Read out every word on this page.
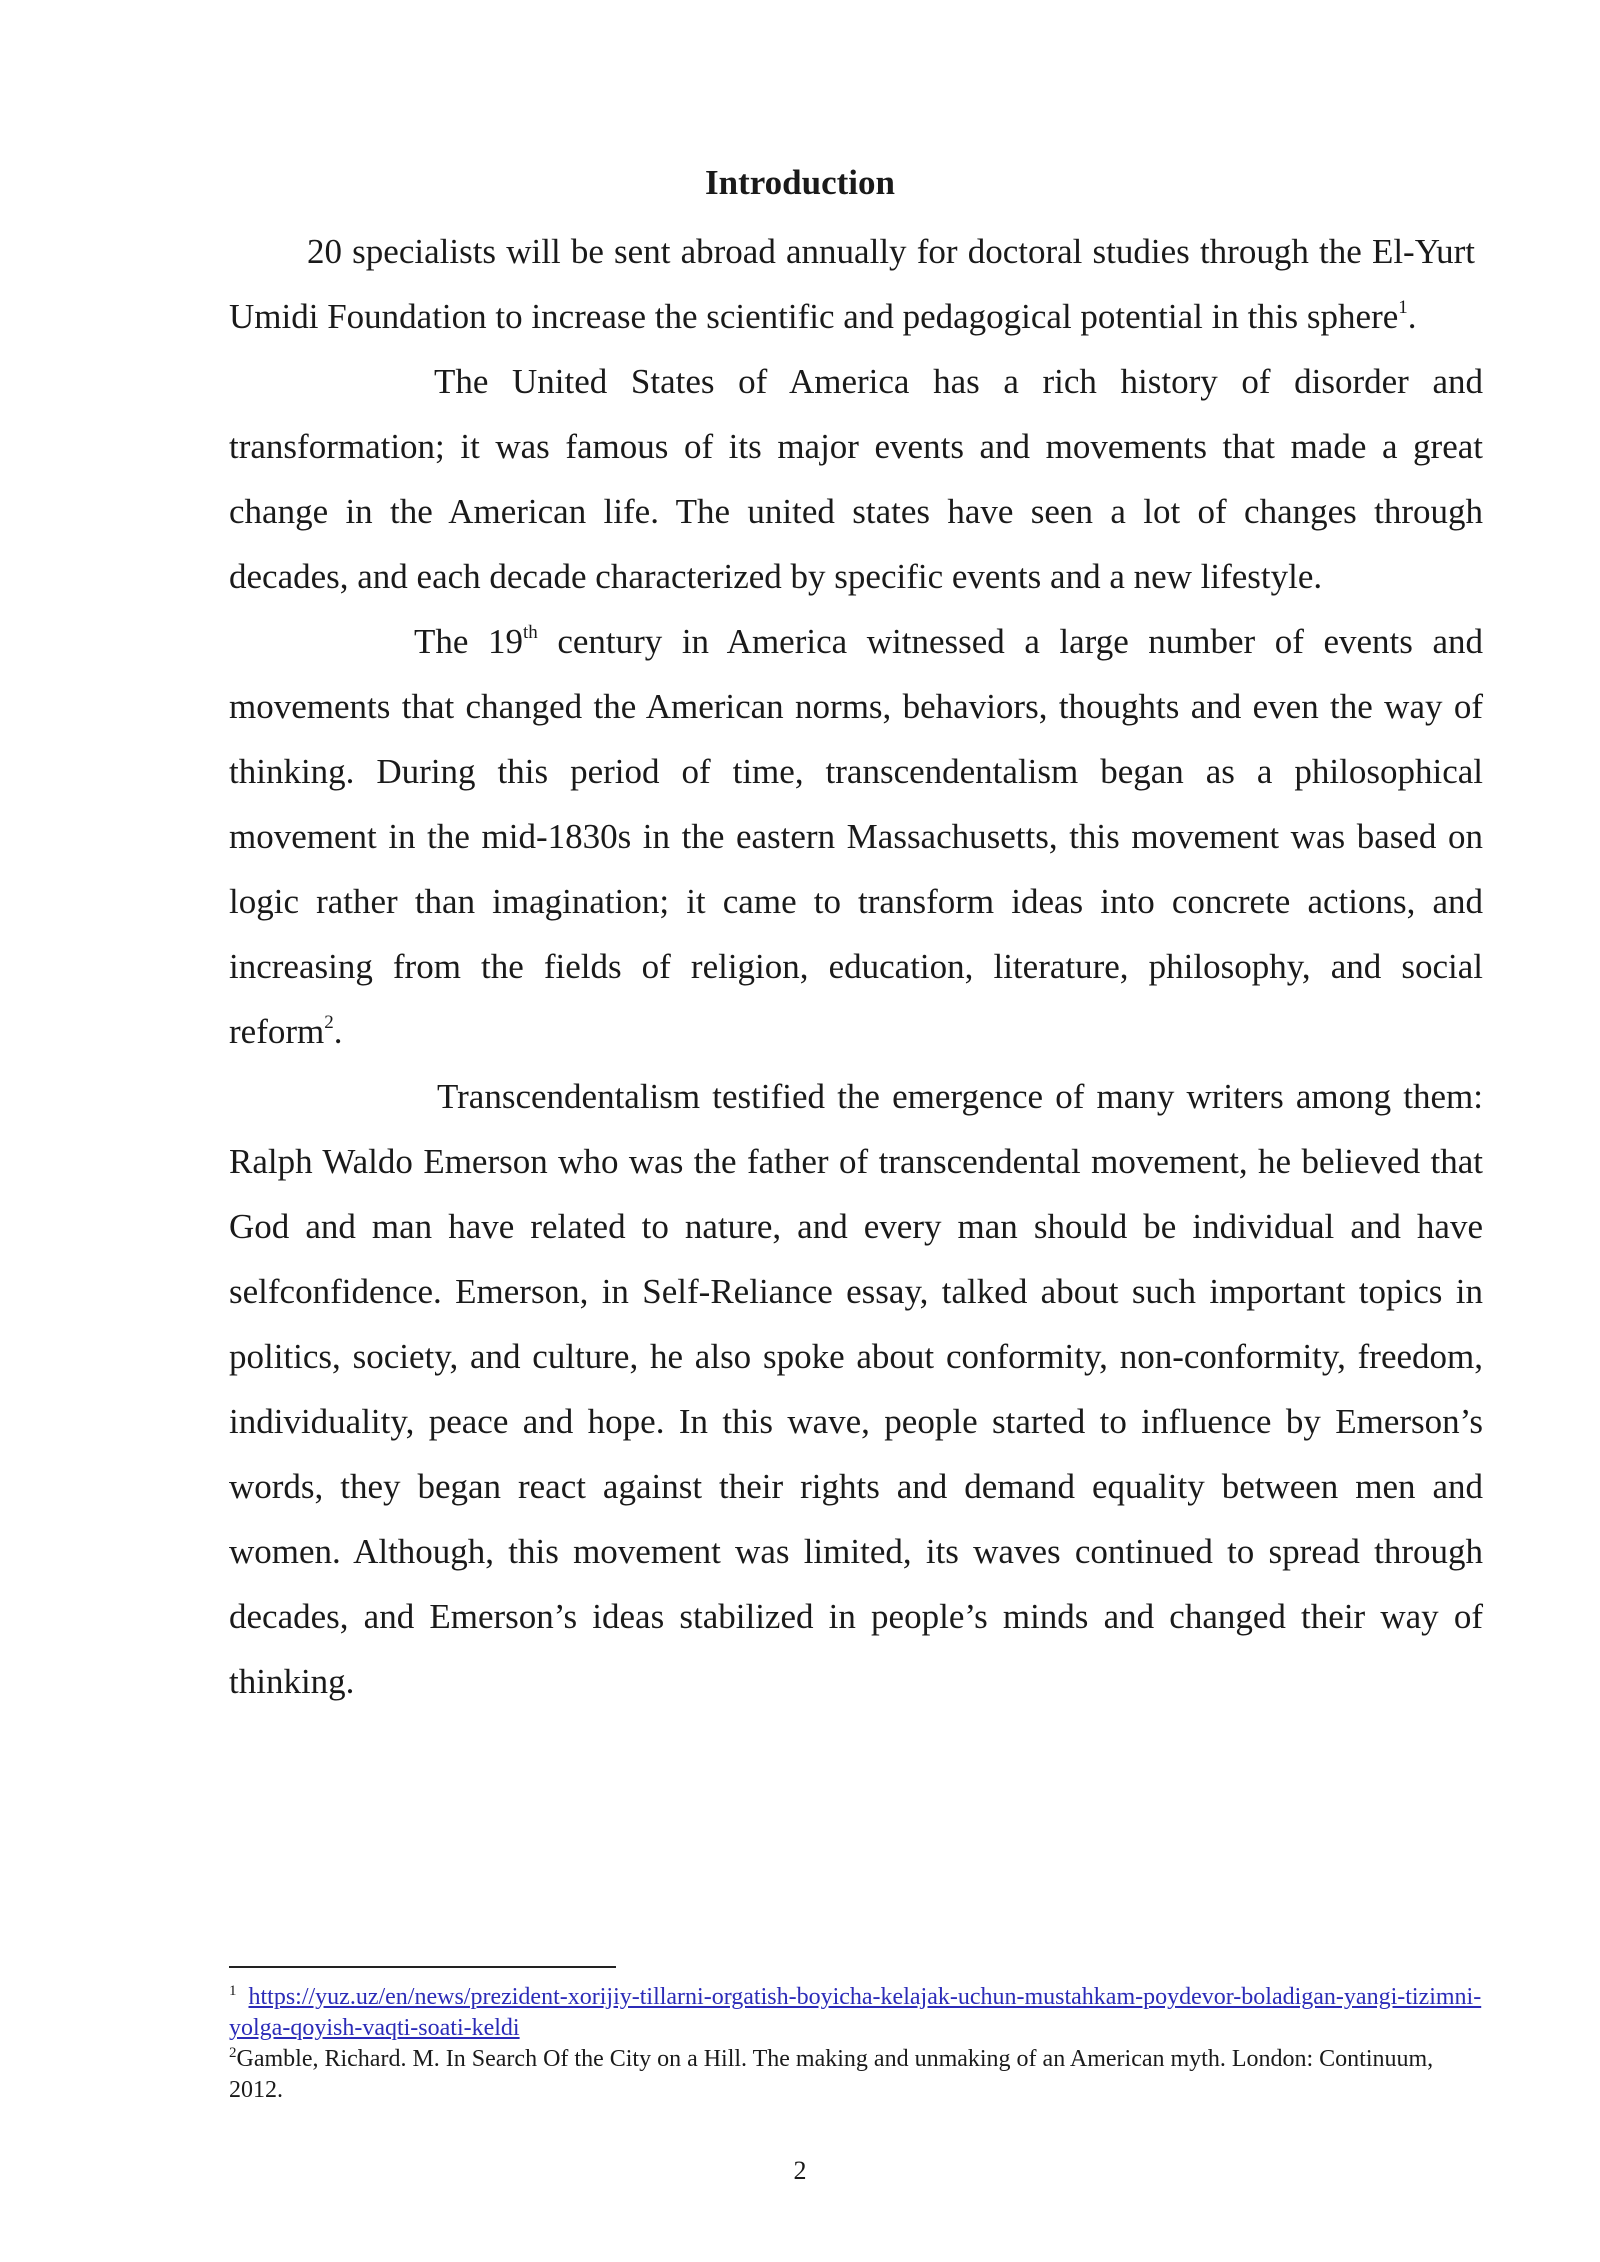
Introduction

20 specialists will be sent abroad annually for doctoral studies through the El-Yurt Umidi Foundation to increase the scientific and pedagogical potential in this sphere$^1$.

The United States of America has a rich history of disorder and transformation; it was famous of its major events and movements that made a great change in the American life. The united states have seen a lot of changes through decades, and each decade characterized by specific events and a new lifestyle.

The 19th century in America witnessed a large number of events and movements that changed the American norms, behaviors, thoughts and even the way of thinking. During this period of time, transcendentalism began as a philosophical movement in the mid-1830s in the eastern Massachusetts, this movement was based on logic rather than imagination; it came to transform ideas into concrete actions, and increasing from the fields of religion, education, literature, philosophy, and social reform$^2$.

Transcendentalism testified the emergence of many writers among them: Ralph Waldo Emerson who was the father of transcendental movement, he believed that God and man have related to nature, and every man should be individual and have selfconfidence. Emerson, in Self-Reliance essay, talked about such important topics in politics, society, and culture, he also spoke about conformity, non-conformity, freedom, individuality, peace and hope. In this wave, people started to influence by Emerson’s words, they began react against their rights and demand equality between men and women. Although, this movement was limited, its waves continued to spread through decades, and Emerson’s ideas stabilized in people’s minds and changed their way of thinking.

$^1$ https://yuz.uz/en/news/prezident-xorijiy-tillarni-orgatish-boyicha-kelajak-uchun-mustahkam-poydevor-boladigan-yangi-tizimni-yolga-qoyish-vaqti-soati-keldi

$^2$Gamble, Richard. M. In Search Of the City on a Hill. The making and unmaking of an American myth. London: Continuum, 2012.

2
